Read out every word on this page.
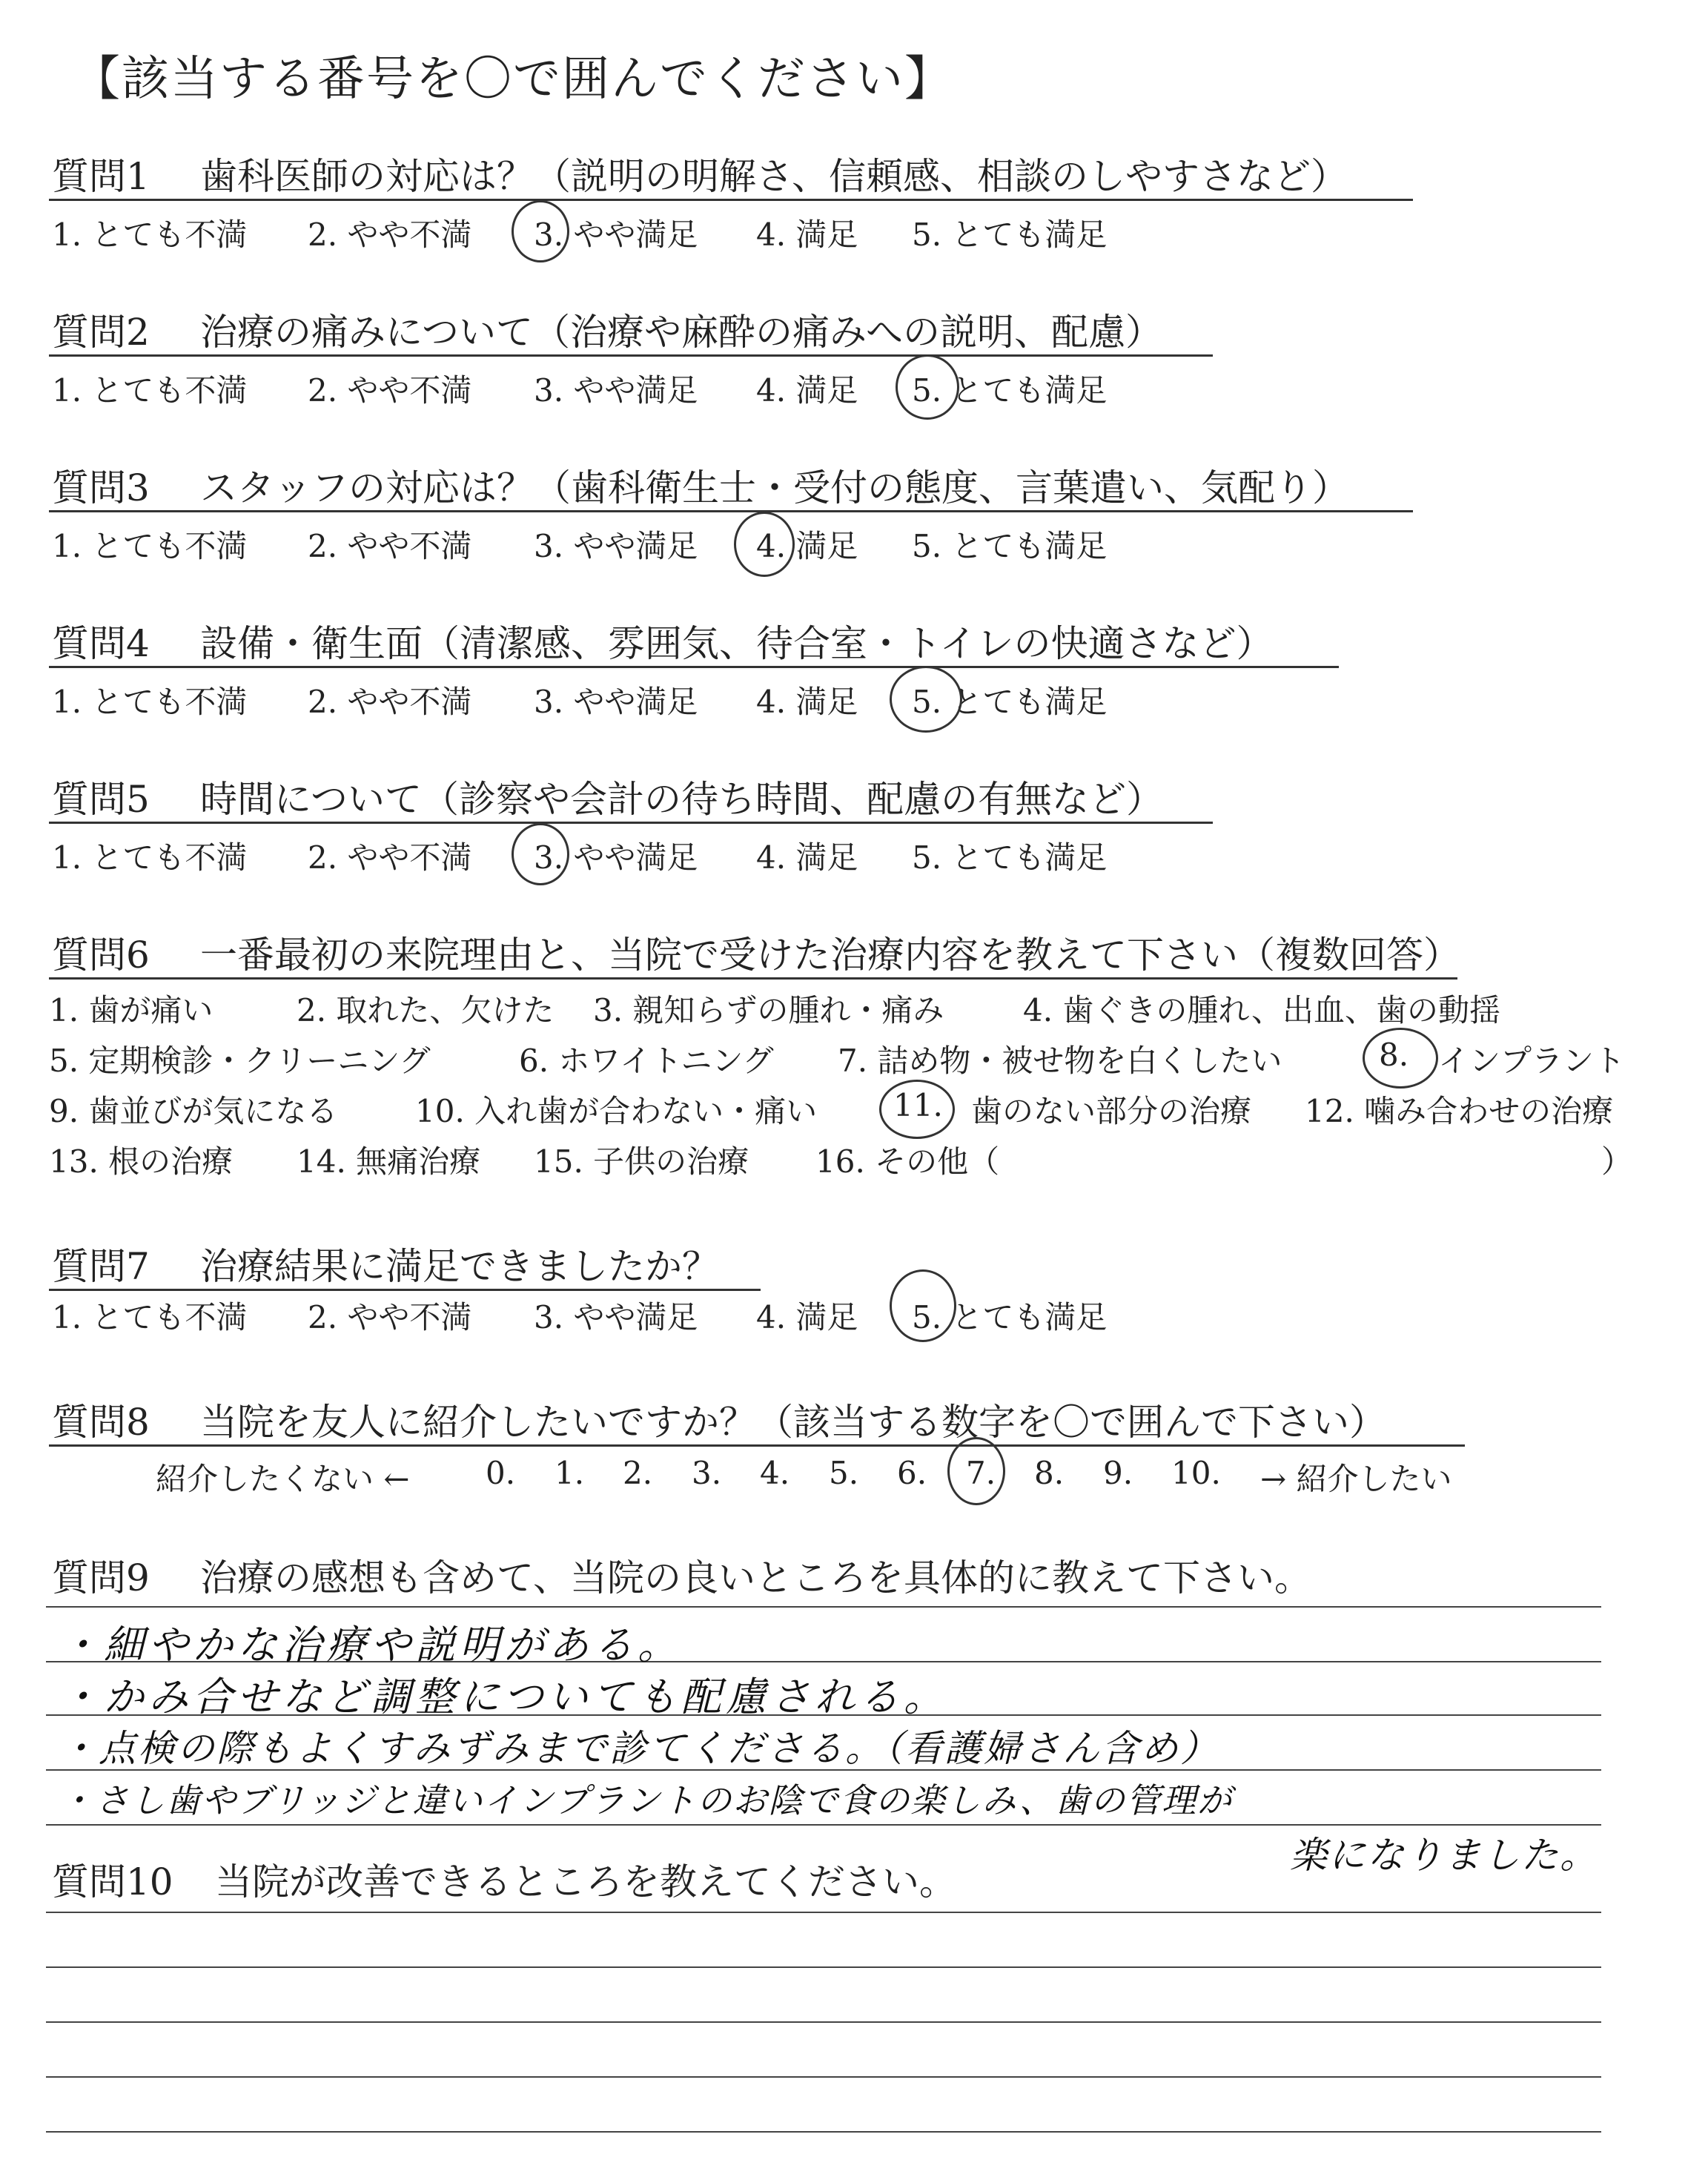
【該当する番号を〇で囲んでください】
質問1 歯科医師の対応は？（説明の明解さ、信頼感、相談のしやすさなど）
1. とても不満 2. やや不満 3. やや満足 4. 満足 5. とても満足
質問2 治療の痛みについて（治療や麻酔の痛みへの説明、配慮）
1. とても不満 2. やや不満 3. やや満足 4. 満足 5. とても満足
質問3 スタッフの対応は？（歯科衛生士・受付の態度、言葉遣い、気配り）
1. とても不満 2. やや不満 3. やや満足 4. 満足 5. とても満足
質問4 設備・衛生面（清潔感、雰囲気、待合室・トイレの快適さなど）
1. とても不満 2. やや不満 3. やや満足 4. 満足 5. とても満足
質問5 時間について（診察や会計の待ち時間、配慮の有無など）
1. とても不満 2. やや不満 3. やや満足 4. 満足 5. とても満足
質問6 一番最初の来院理由と、当院で受けた治療内容を教えて下さい（複数回答）
1. 歯が痛い	2. 取れた、欠けた 3. 親知らずの腫れ・痛み	4. 歯ぐきの腫れ、出血、歯の動揺
5. 定期検診・クリーニング	6. ホワイトニング 7. 詰め物・被せ物を白くしたい	8. インプラント
9. 歯並びが気になる 10. 入れ歯が合わない・痛い 11. 歯のない部分の治療 12. 噛み合わせの治療
13. 根の治療 14. 無痛治療 15. 子供の治療 16. その他（	）
質問7 治療結果に満足できましたか？
1. とても不満 2. やや不満 3. やや満足 4. 満足 5. とても満足
質問8 当院を友人に紹介したいですか？（該当する数字を〇で囲んで下さい）
紹介したくない ← 0. 1. 2. 3. 4. 5. 6. 7. 8. 9. 10. → 紹介したい
質問9 治療の感想も含めて、当院の良いところを具体的に教えて下さい。
・細やかな治療や説明がある。
・かみ合せなど調整についても配慮される。
・点検の際もよくすみずみまで診てくださる。（看護婦さん含め）
・さし歯やブリッジと違いインプラントのお陰で食の楽しみ、歯の管理が
楽になりました。
質問10 当院が改善できるところを教えてください。
